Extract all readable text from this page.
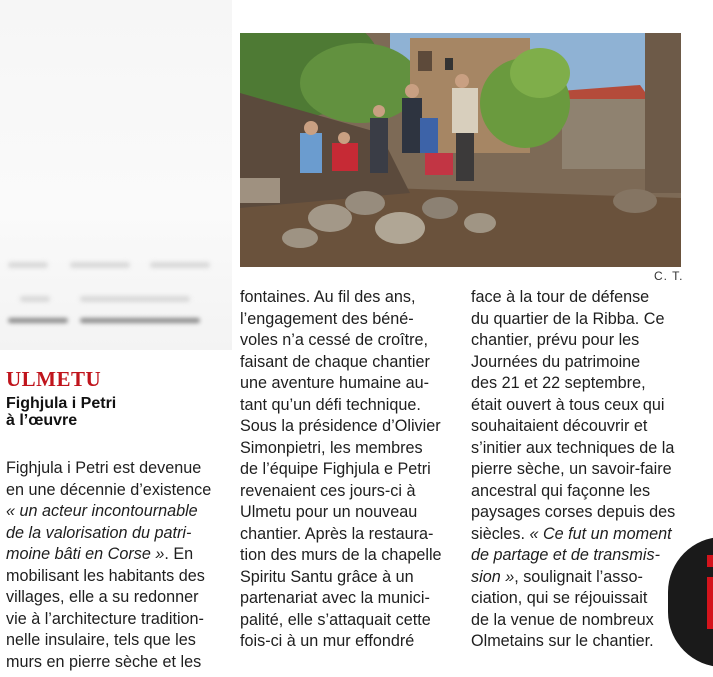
C. T.
ULMETU
Fighjula i Petri
à l’œuvre

Fighjula i Petri est devenue

en une décennie d’existence

« un acteur incontournable

de la valorisation du patri-

moine bâti en Corse ». En

mobilisant les habitants des

villages, elle a su redonner

vie à l’architecture tradition-

nelle insulaire, tels que les

murs en pierre sèche et les

fontaines. Au fil des ans,

l’engagement des béné-

voles n’a cessé de croître,

faisant de chaque chantier

une aventure humaine au-

tant qu’un défi technique.

Sous la présidence d’Olivier

Simonpietri, les membres

de l’équipe Fighjula e Petri

revenaient ces jours-ci à

Ulmetu pour un nouveau

chantier. Après la restaura-

tion des murs de la chapelle

Spiritu Santu grâce à un

partenariat avec la munici-

palité, elle s’attaquait cette

fois-ci à un mur effondré

face à la tour de défense

du quartier de la Ribba. Ce

chantier, prévu pour les

Journées du patrimoine

des 21 et 22 septembre,

était ouvert à tous ceux qui

souhaitaient découvrir et

s’initier aux techniques de la

pierre sèche, un savoir-faire

ancestral qui façonne les

paysages corses depuis des

siècles. « Ce fut un moment

de partage et de transmis-

sion », soulignait l’asso-

ciation, qui se réjouissait

de la venue de nombreux

Olmetains sur le chantier.
